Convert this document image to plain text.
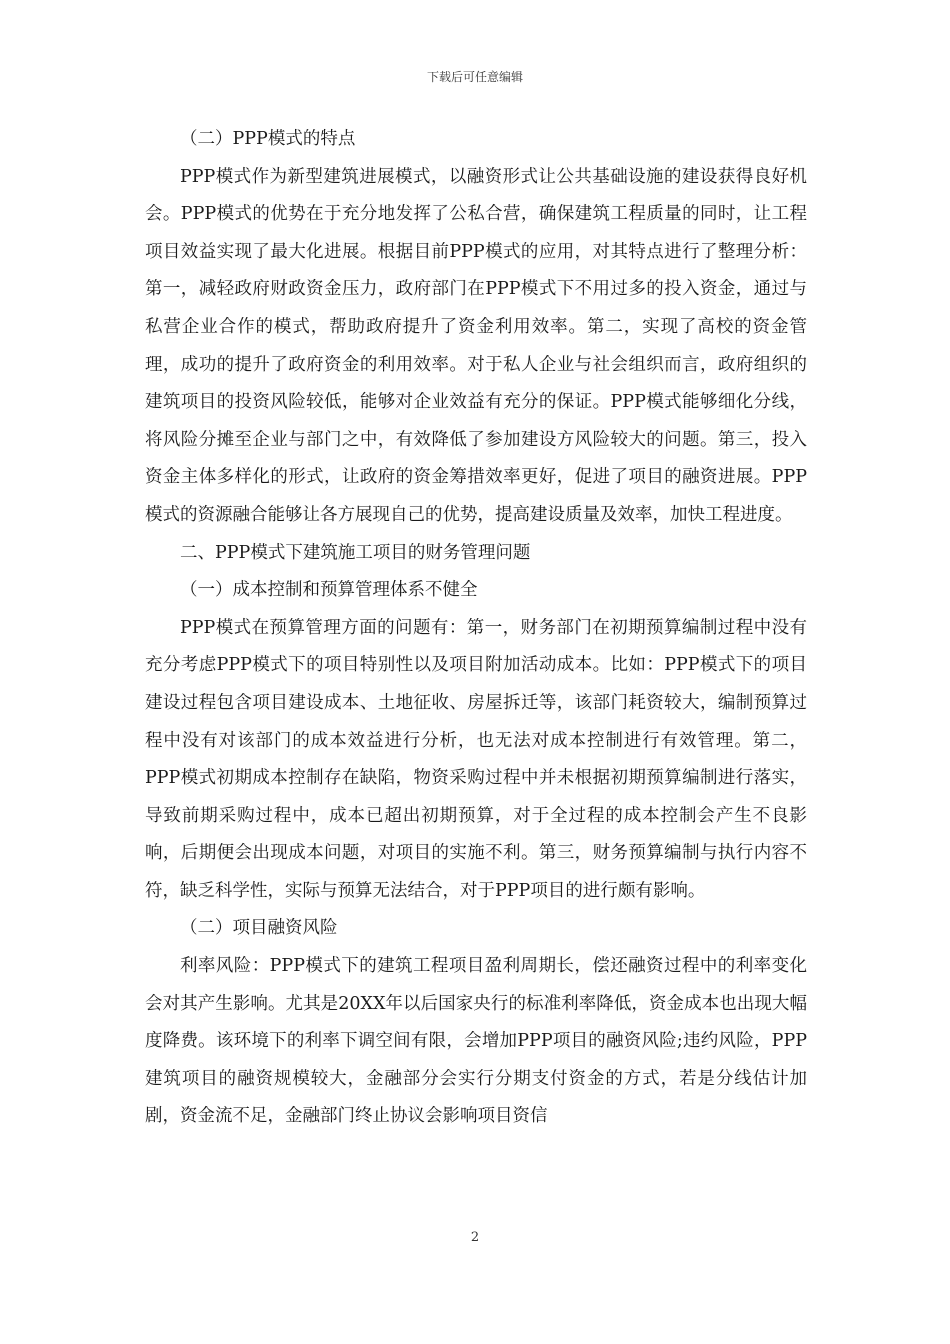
下载后可任意编辑

（二）PPP模式的特点

PPP模式作为新型建筑进展模式，以融资形式让公共基础设施的建设获得良好机会。PPP模式的优势在于充分地发挥了公私合营，确保建筑工程质量的同时，让工程项目效益实现了最大化进展。根据目前PPP模式的应用，对其特点进行了整理分析：第一，减轻政府财政资金压力，政府部门在PPP模式下不用过多的投入资金，通过与私营企业合作的模式，帮助政府提升了资金利用效率。第二，实现了高校的资金管理，成功的提升了政府资金的利用效率。对于私人企业与社会组织而言，政府组织的建筑项目的投资风险较低，能够对企业效益有充分的保证。PPP模式能够细化分线，将风险分摊至企业与部门之中，有效降低了参加建设方风险较大的问题。第三，投入资金主体多样化的形式，让政府的资金筹措效率更好，促进了项目的融资进展。PPP模式的资源融合能够让各方展现自己的优势，提高建设质量及效率，加快工程进度。

二、PPP模式下建筑施工项目的财务管理问题

（一）成本控制和预算管理体系不健全

PPP模式在预算管理方面的问题有：第一，财务部门在初期预算编制过程中没有充分考虑PPP模式下的项目特别性以及项目附加活动成本。比如：PPP模式下的项目建设过程包含项目建设成本、土地征收、房屋拆迁等，该部门耗资较大，编制预算过程中没有对该部门的成本效益进行分析，也无法对成本控制进行有效管理。第二，PPP模式初期成本控制存在缺陷，物资采购过程中并未根据初期预算编制进行落实，导致前期采购过程中，成本已超出初期预算，对于全过程的成本控制会产生不良影响，后期便会出现成本问题，对项目的实施不利。第三，财务预算编制与执行内容不符，缺乏科学性，实际与预算无法结合，对于PPP项目的进行颇有影响。

（二）项目融资风险

利率风险：PPP模式下的建筑工程项目盈利周期长，偿还融资过程中的利率变化会对其产生影响。尤其是20XX年以后国家央行的标准利率降低，资金成本也出现大幅度降费。该环境下的利率下调空间有限，会增加PPP项目的融资风险;违约风险，PPP建筑项目的融资规模较大，金融部分会实行分期支付资金的方式，若是分线估计加剧，资金流不足，金融部门终止协议会影响项目资信

2
